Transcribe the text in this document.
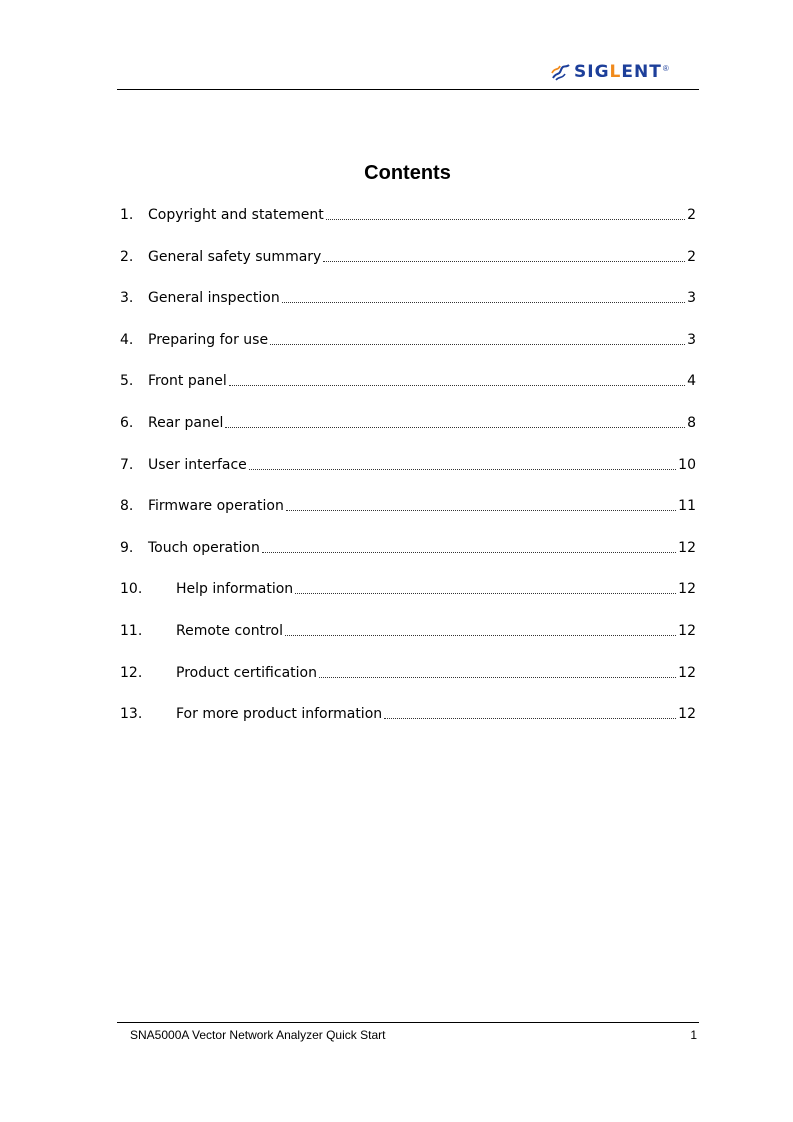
SIGLENT ®
Contents
1.	Copyright and statement	2
2.	General safety summary	2
3.	General inspection	3
4.	Preparing for use	3
5.	Front panel	4
6.	Rear panel	8
7.	User interface	10
8.	Firmware operation	11
9.	Touch operation	12
10.	Help information	12
11.	Remote control	12
12.	Product certification	12
13.	For more product information	12
SNA5000A Vector Network Analyzer Quick Start	1
